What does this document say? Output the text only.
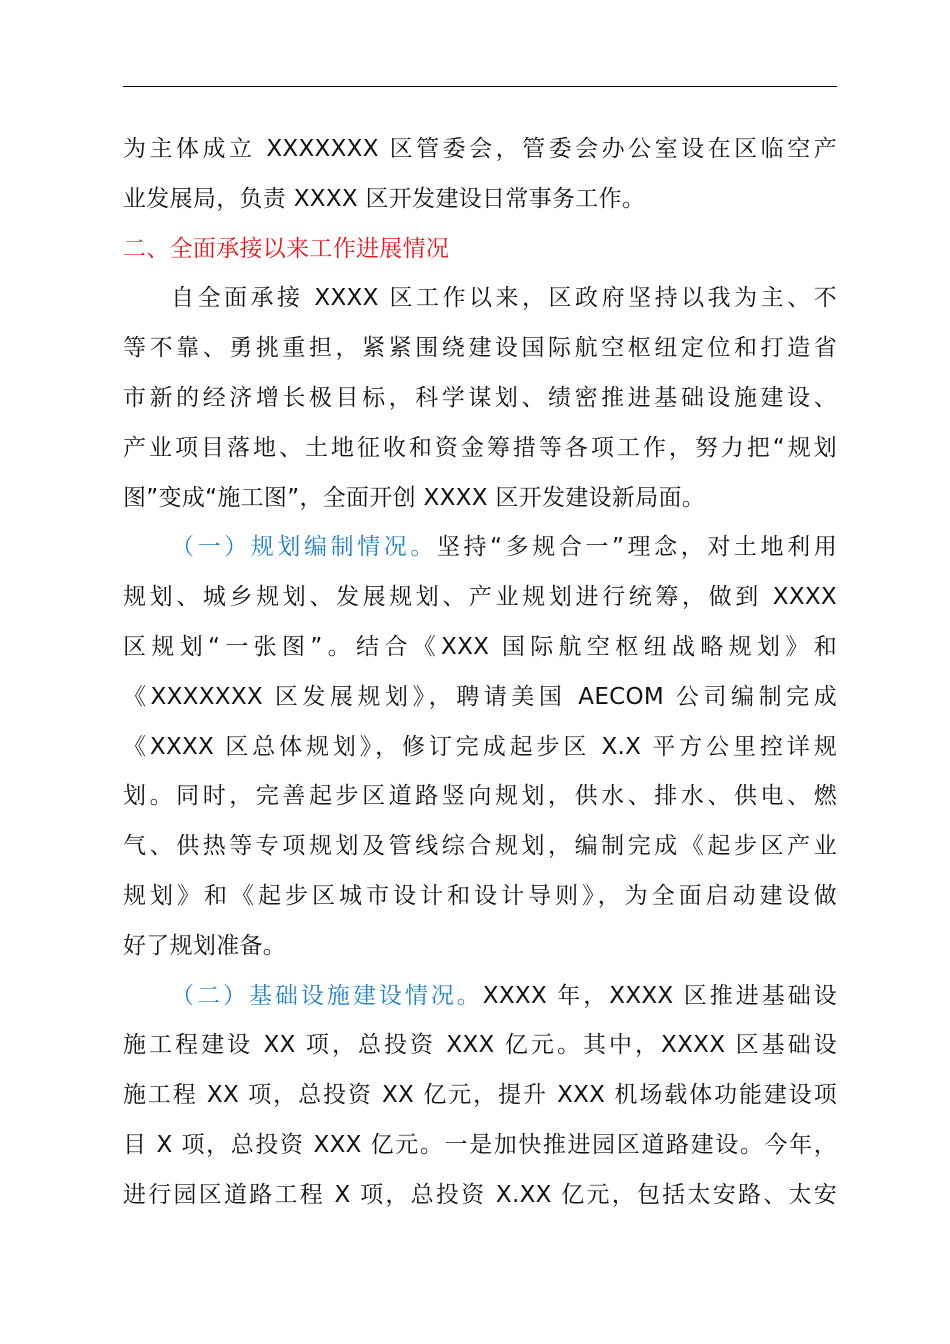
为主体成立 XXXXXXX 区管委会，管委会办公室设在区临空产
业发展局，负责 XXXX 区开发建设日常事务工作。

二、全面承接以来工作进展情况

自全面承接 XXXX 区工作以来，区政府坚持以我为主、不
等不靠、勇挑重担，紧紧围绕建设国际航空枢纽定位和打造省
市新的经济增长极目标，科学谋划、绩密推进基础设施建设、
产业项目落地、土地征收和资金筹措等各项工作，努力把“规划
图”变成“施工图”，全面开创 XXXX 区开发建设新局面。

（一）规划编制情况。坚持“多规合一”理念，对土地利用
规划、城乡规划、发展规划、产业规划进行统筹，做到 XXXX
区规划“一张图”。结合《XXX 国际航空枢纽战略规划》和
《XXXXXXX 区发展规划》，聘请美国 AECOM 公司编制完成
《XXXX 区总体规划》，修订完成起步区 X.X 平方公里控详规
划。同时，完善起步区道路竖向规划，供水、排水、供电、燃
气、供热等专项规划及管线综合规划，编制完成《起步区产业
规划》和《起步区城市设计和设计导则》，为全面启动建设做
好了规划准备。

（二）基础设施建设情况。XXXX 年，XXXX 区推进基础设
施工程建设 XX 项，总投资 XXX 亿元。其中，XXXX 区基础设
施工程 XX 项，总投资 XX 亿元，提升 XXX 机场载体功能建设项
目 X 项，总投资 XXX 亿元。一是加快推进园区道路建设。今年，
进行园区道路工程 X 项，总投资 X.XX 亿元，包括太安路、太安
